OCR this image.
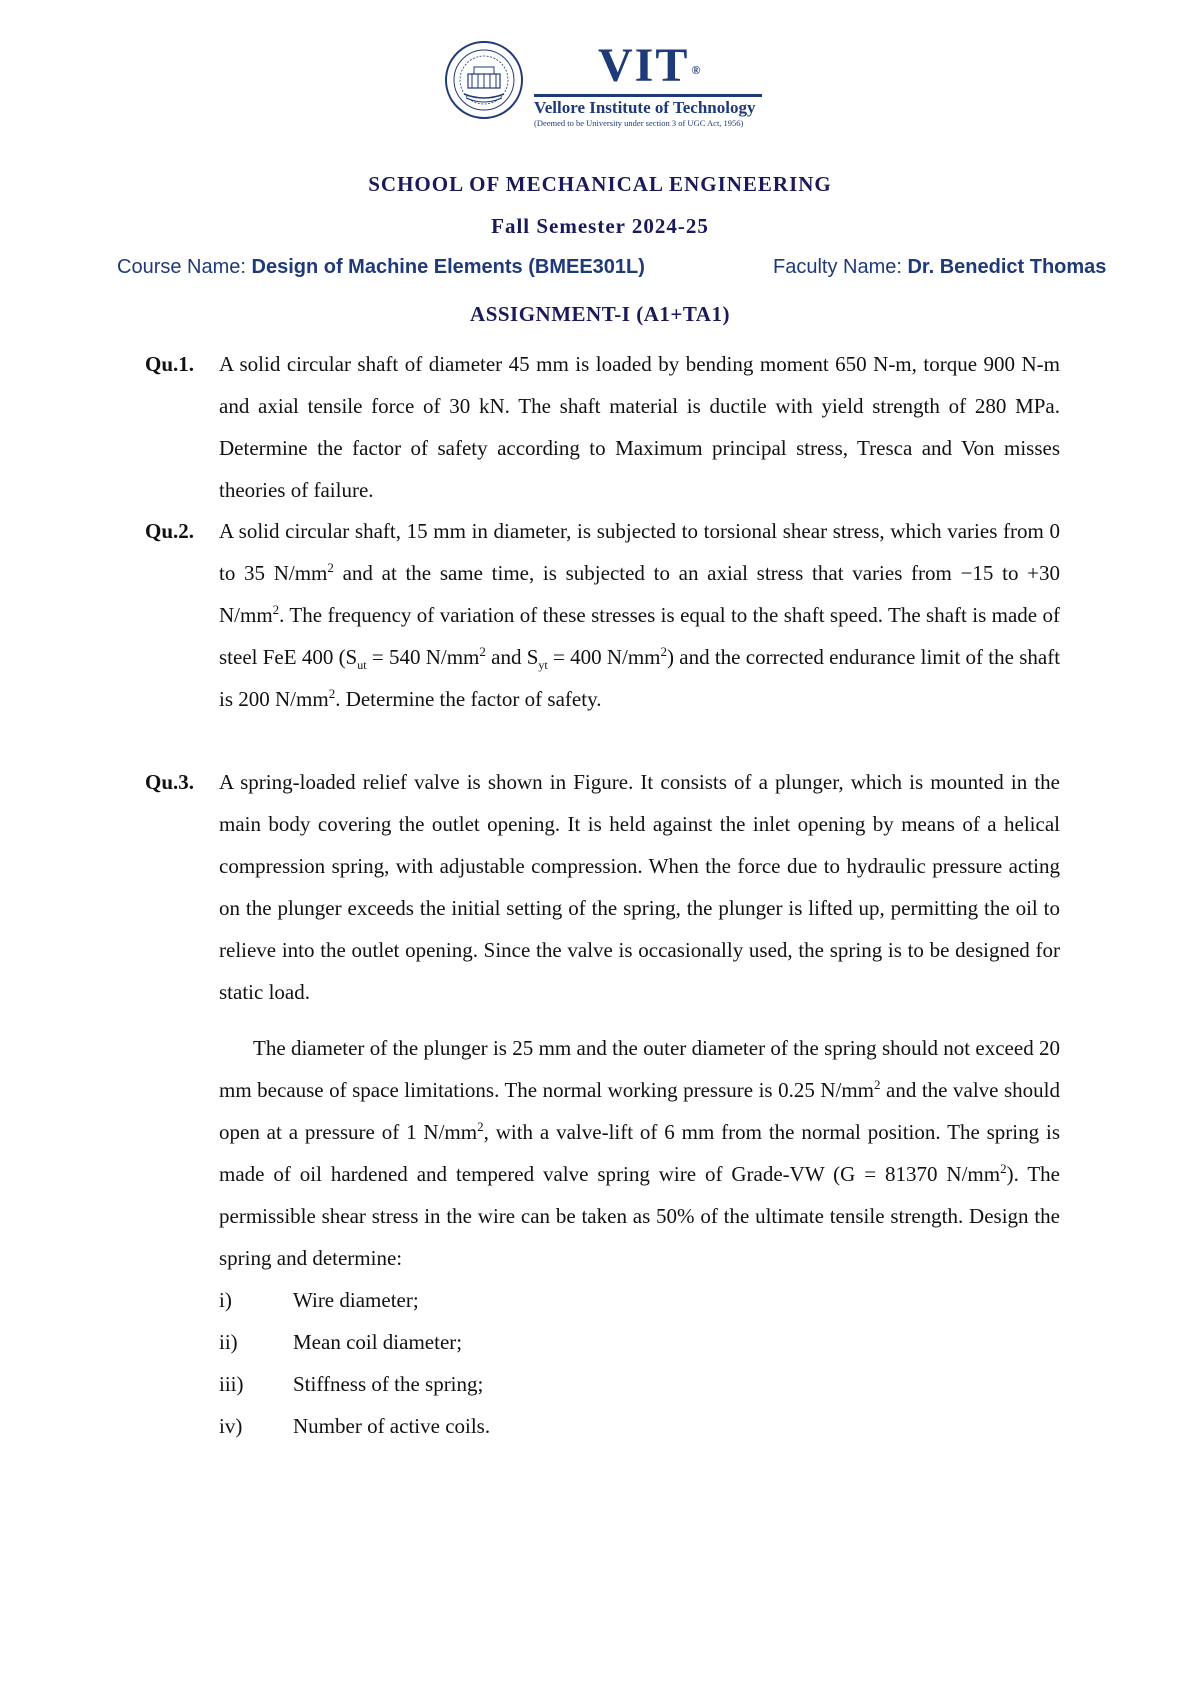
VIT ®
Vellore Institute of Technology
(Deemed to be University under section 3 of UGC Act, 1956)
SCHOOL OF MECHANICAL ENGINEERING
Fall Semester 2024-25
Course Name: Design of Machine Elements (BMEE301L)	Faculty Name: Dr. Benedict Thomas
ASSIGNMENT-I (A1+TA1)
Qu.1. A solid circular shaft of diameter 45 mm is loaded by bending moment 650 N-m, torque 900 N-m and axial tensile force of 30 kN. The shaft material is ductile with yield strength of 280 MPa. Determine the factor of safety according to Maximum principal stress, Tresca and Von misses theories of failure.
Qu.2. A solid circular shaft, 15 mm in diameter, is subjected to torsional shear stress, which varies from 0 to 35 $N/mm^2$ and at the same time, is subjected to an axial stress that varies from −15 to +30 $N/mm^2$. The frequency of variation of these stresses is equal to the shaft speed. The shaft is made of steel FeE 400 ($S_{ut} = 540$ $N/mm^2$ and $S_{yt} = 400$ $N/mm^2$) and the corrected endurance limit of the shaft is 200 $N/mm^2$. Determine the factor of safety.
Qu.3. A spring-loaded relief valve is shown in Figure. It consists of a plunger, which is mounted in the main body covering the outlet opening. It is held against the inlet opening by means of a helical compression spring, with adjustable compression. When the force due to hydraulic pressure acting on the plunger exceeds the initial setting of the spring, the plunger is lifted up, permitting the oil to relieve into the outlet opening. Since the valve is occasionally used, the spring is to be designed for static load.
The diameter of the plunger is 25 mm and the outer diameter of the spring should not exceed 20 mm because of space limitations. The normal working pressure is 0.25 $N/mm^2$ and the valve should open at a pressure of 1 $N/mm^2$, with a valve-lift of 6 mm from the normal position. The spring is made of oil hardened and tempered valve spring wire of Grade-VW (G = 81370 $N/mm^2$). The permissible shear stress in the wire can be taken as 50% of the ultimate tensile strength. Design the spring and determine:
i)	Wire diameter;
ii)	Mean coil diameter;
iii) Stiffness of the spring;
iv) Number of active coils.
